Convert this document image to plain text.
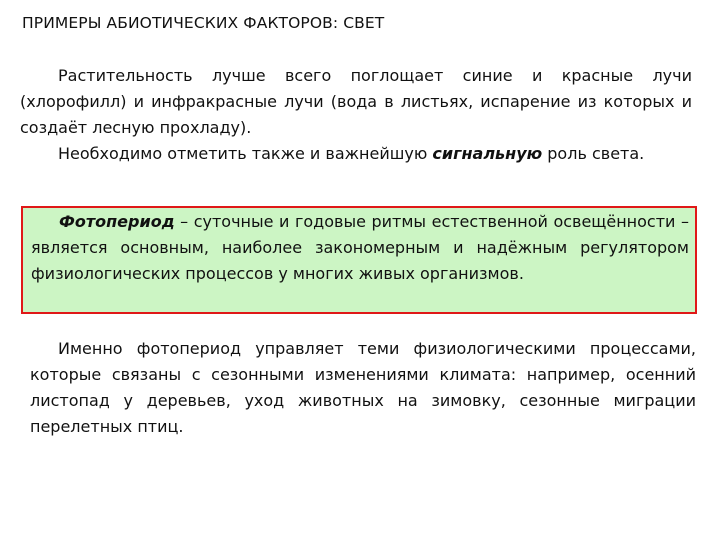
ПРИМЕРЫ АБИОТИЧЕСКИХ ФАКТОРОВ: СВЕТ

Растительность лучше всего поглощает синие и красные лучи (хлорофилл) и инфракрасные лучи (вода в листьях, испарение из которых и создаёт лесную прохладу).

Необходимо отметить также и важнейшую сигнальную роль света.

Фотопериод – суточные и годовые ритмы естественной освещённости – является основным, наиболее закономерным и надёжным регулятором физиологических процессов у многих живых организмов.

Именно фотопериод управляет теми физиологическими процессами, которые связаны с сезонными изменениями климата: например, осенний листопад у деревьев, уход животных на зимовку, сезонные миграции перелетных птиц.
